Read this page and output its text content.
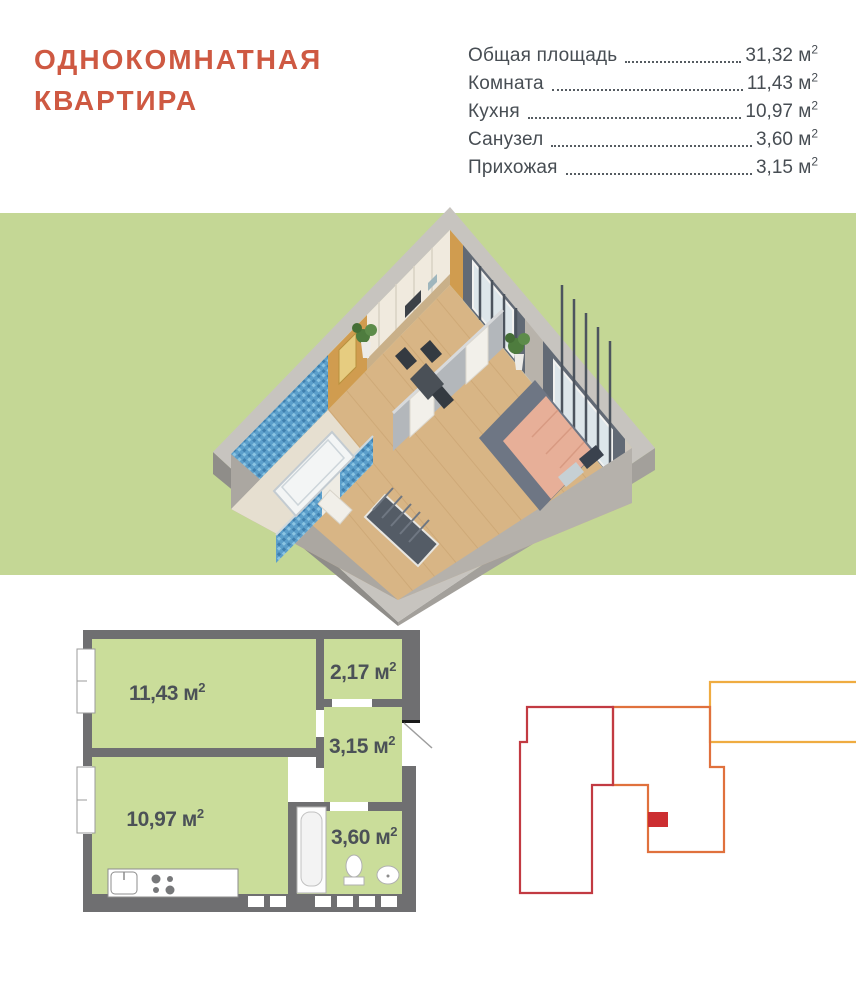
ОДНОКОМНАТНАЯ
КВАРТИРА
Общая площадь	31,32 $м^2$
Комната	11,43 $м^2$
Кухня	10,97 $м^2$
Санузел	3,60 $м^2$
Прихожая	3,15 $м^2$
11,43 $м^2$
2,17 $м^2$
3,15 $м^2$
10,97 $м^2$
3,60 $м^2$
